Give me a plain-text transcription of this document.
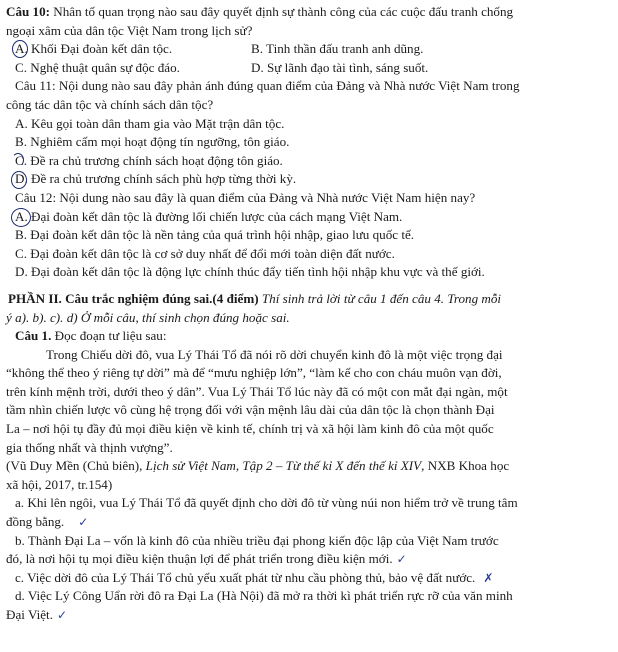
Câu 10: Nhân tố quan trọng nào sau đây quyết định sự thành công của các cuộc đấu tranh chống
ngoại xâm của dân tộc Việt Nam trong lịch sử?
A. Khối Đại đoàn kết dân tộc.	B. Tinh thần đấu tranh anh dũng.
C. Nghệ thuật quân sự độc đáo.	D. Sự lãnh đạo tài tình, sáng suốt.
Câu 11: Nội dung nào sau đây phản ánh đúng quan điểm của Đảng và Nhà nước Việt Nam trong
công tác dân tộc và chính sách dân tộc?
A. Kêu gọi toàn dân tham gia vào Mặt trận dân tộc.
B. Nghiêm cấm mọi hoạt động tín ngưỡng, tôn giáo.
C. Đề ra chủ trương chính sách hoạt động tôn giáo.
D. Đề ra chủ trương chính sách phù hợp từng thời kỳ.
Câu 12: Nội dung nào sau đây là quan điểm của Đảng và Nhà nước Việt Nam hiện nay?
A. Đại đoàn kết dân tộc là đường lối chiến lược của cách mạng Việt Nam.
B. Đại đoàn kết dân tộc là nền tảng của quá trình hội nhập, giao lưu quốc tế.
C. Đại đoàn kết dân tộc là cơ sở duy nhất để đổi mới toàn diện đất nước.
D. Đại đoàn kết dân tộc là động lực chính thúc đẩy tiến tình hội nhập khu vực và thế giới.
PHẦN II. Câu trắc nghiệm đúng sai.(4 điểm) Thí sinh trả lời từ câu 1 đến câu 4. Trong mỗi
ý a). b). c). d) Ở mỗi câu, thí sinh chọn đúng hoặc sai.
Câu 1. Đọc đoạn tư liệu sau:
Trong Chiếu dời đô, vua Lý Thái Tổ đã nói rõ dời chuyển kinh đô là một việc trọng đại
“không thể theo ý riêng tự dời” mà để “mưu nghiệp lớn”, “làm kế cho con cháu muôn vạn đời,
trên kính mệnh trời, dưới theo ý dân”. Vua Lý Thái Tổ lúc này đã có một con mắt đại ngàn, một
tầm nhìn chiến lược vô cùng hệ trọng đối với vận mệnh lâu dài của dân tộc là chọn thành Đại
La – nơi hội tụ đầy đủ mọi điều kiện về kinh tế, chính trị và xã hội làm kinh đô của một quốc
gia thống nhất và thịnh vượng”.
(Vũ Duy Mền (Chủ biên), Lịch sử Việt Nam, Tập 2 – Từ thế kỉ X đến thế kỉ XIV, NXB Khoa học
xã hội, 2017, tr.154)
a. Khi lên ngôi, vua Lý Thái Tổ đã quyết định cho dời đô từ vùng núi non hiểm trở về trung tâm
đồng bằng. ✓
b. Thành Đại La – vốn là kinh đô của nhiều triều đại phong kiến độc lập của Việt Nam trước
đó, là nơi hội tụ mọi điều kiện thuận lợi để phát triển trong điều kiện mới. ✓
c. Việc dời đô của Lý Thái Tổ chủ yếu xuất phát từ nhu cầu phòng thủ, bảo vệ đất nước. ✗
d. Việc Lý Công Uẩn rời đô ra Đại La (Hà Nội) đã mở ra thời kì phát triển rực rỡ của văn minh
Đại Việt. ✓
